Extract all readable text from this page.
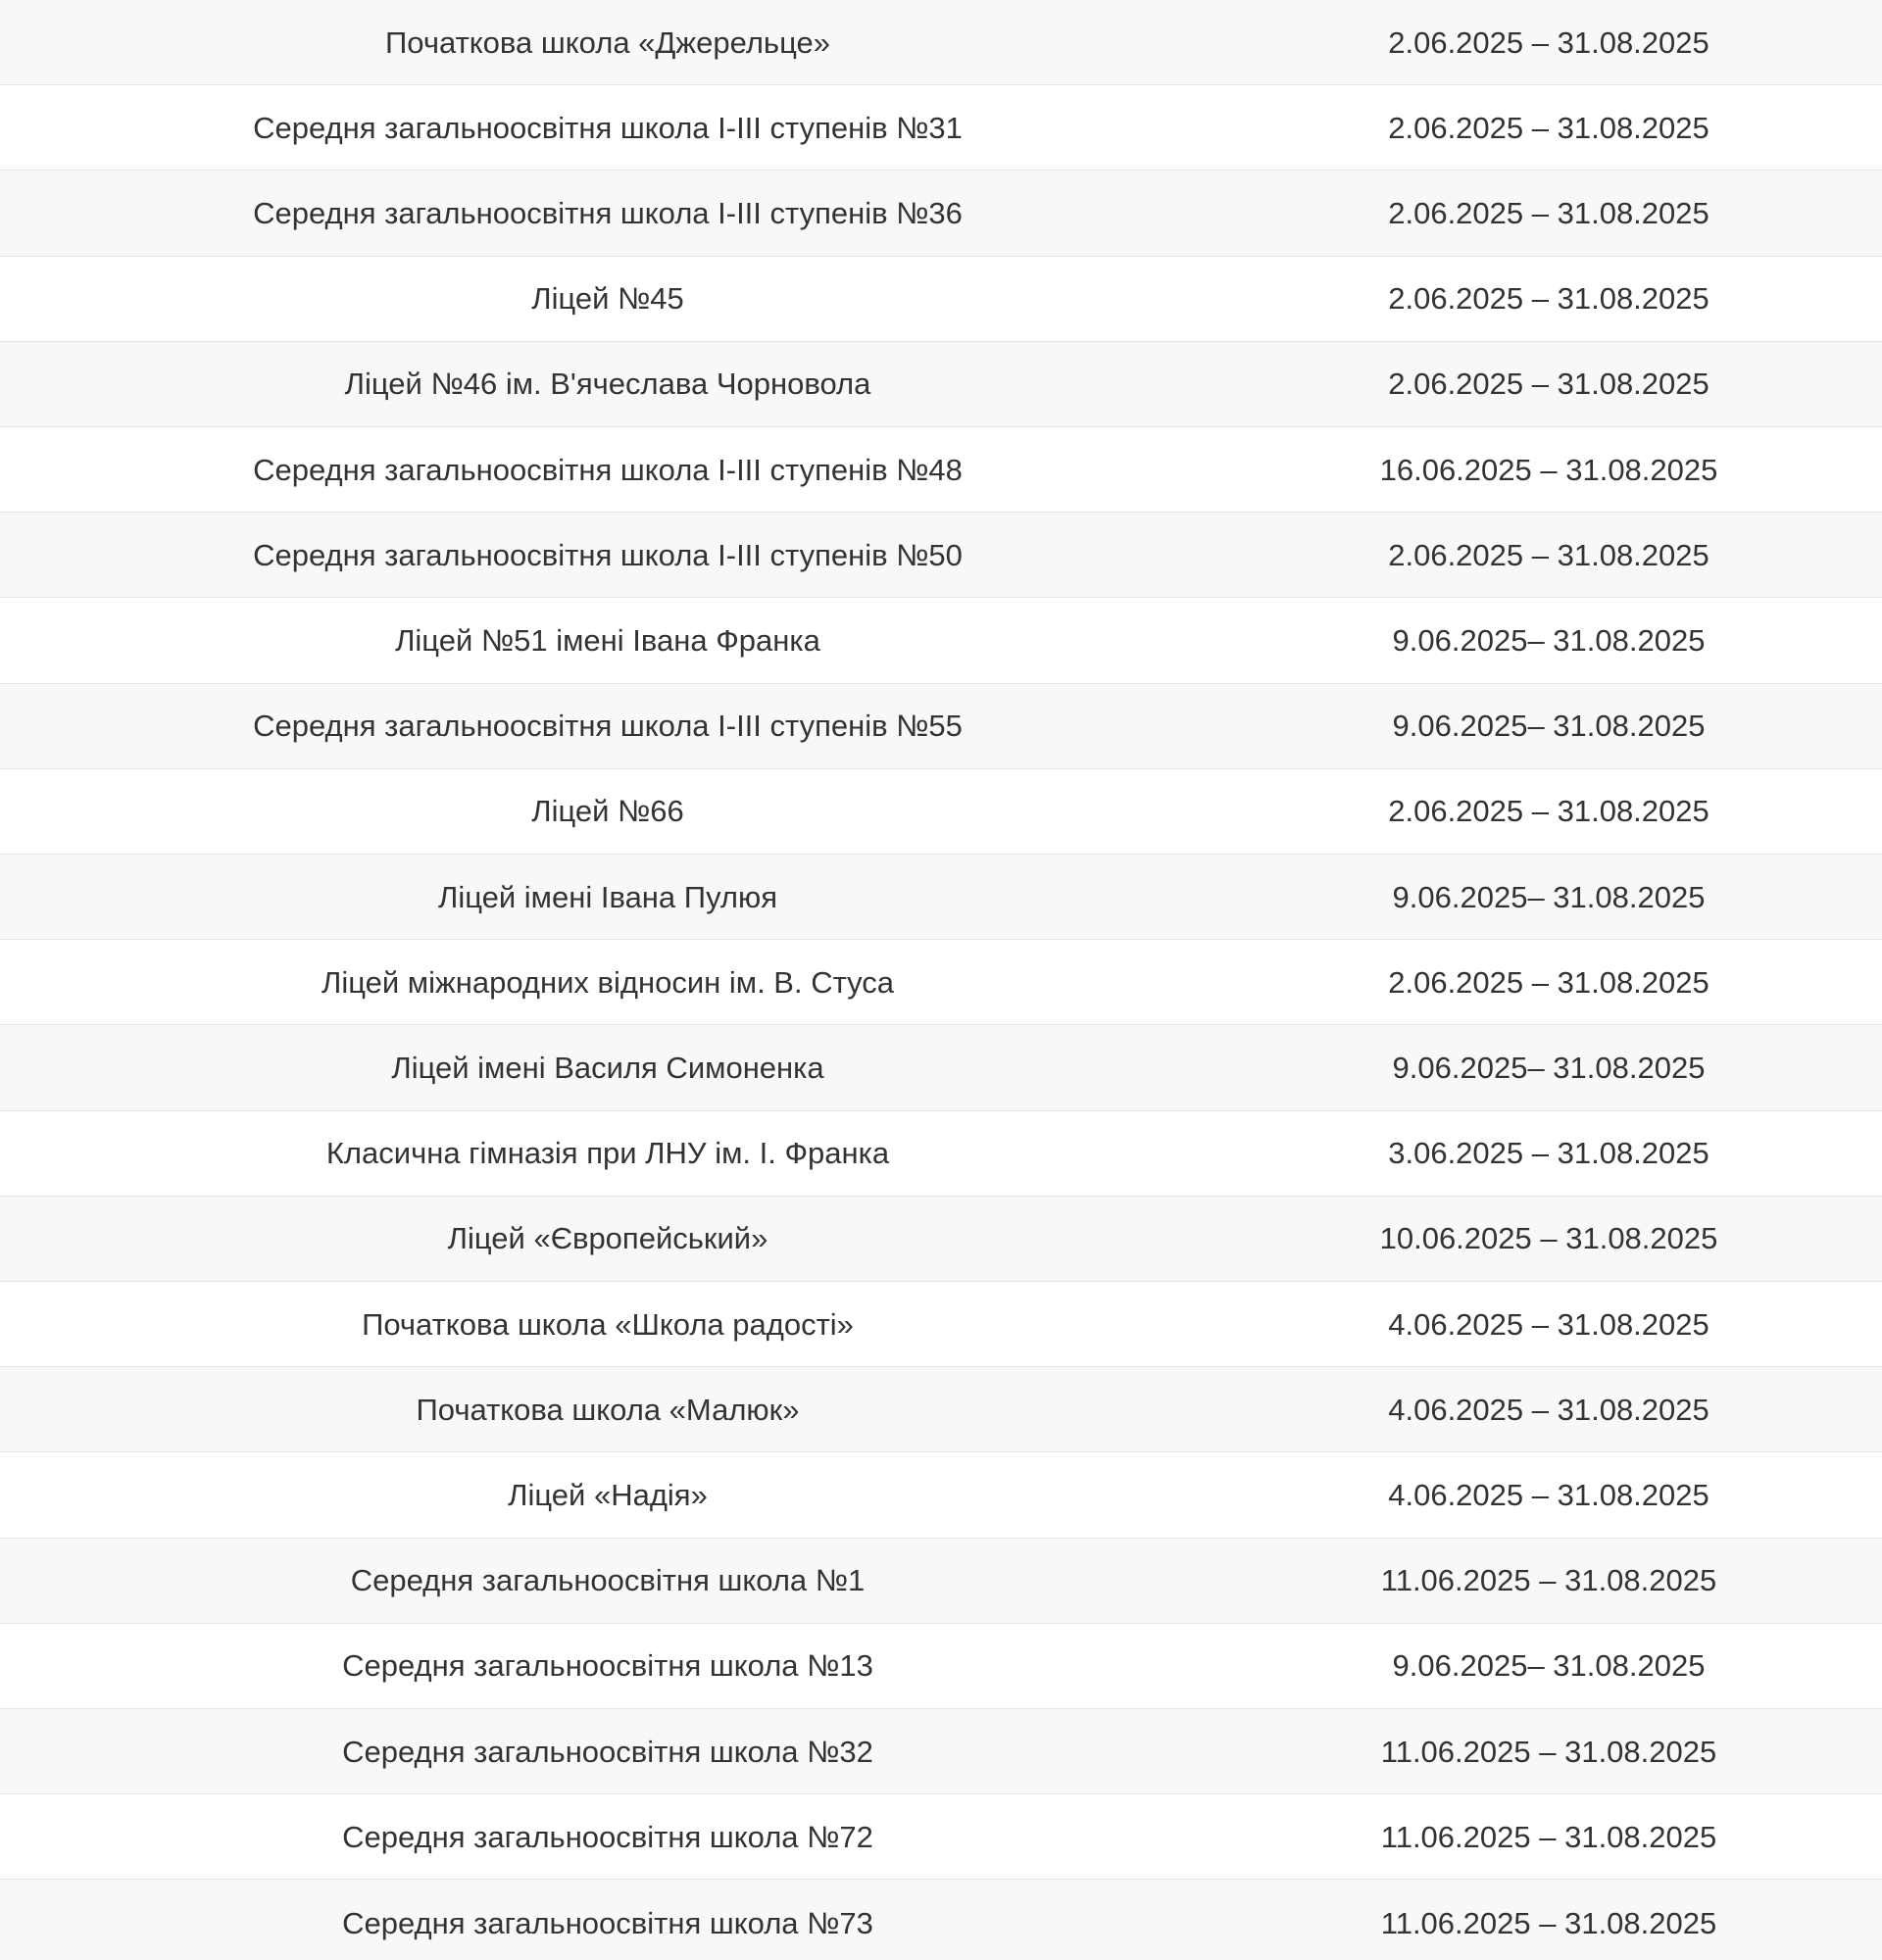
Початкова школа «Джерельце»	2.06.2025 – 31.08.2025
Середня загальноосвітня школа І-ІІІ ступенів №31	2.06.2025 – 31.08.2025
Середня загальноосвітня школа І-ІІІ ступенів №36	2.06.2025 – 31.08.2025
Ліцей №45	2.06.2025 – 31.08.2025
Ліцей №46 ім. В'ячеслава Чорновола	2.06.2025 – 31.08.2025
Середня загальноосвітня школа І-ІІІ ступенів №48	16.06.2025 – 31.08.2025
Середня загальноосвітня школа І-ІІІ ступенів №50	2.06.2025 – 31.08.2025
Ліцей №51 імені Івана Франка	9.06.2025– 31.08.2025
Середня загальноосвітня школа І-ІІІ ступенів №55	9.06.2025– 31.08.2025
Ліцей №66	2.06.2025 – 31.08.2025
Ліцей імені Івана Пулюя	9.06.2025– 31.08.2025
Ліцей міжнародних відносин ім. В. Стуса	2.06.2025 – 31.08.2025
Ліцей імені Василя Симоненка	9.06.2025– 31.08.2025
Класична гімназія при ЛНУ ім. І. Франка	3.06.2025 – 31.08.2025
Ліцей «Європейський»	10.06.2025 – 31.08.2025
Початкова школа «Школа радості»	4.06.2025 – 31.08.2025
Початкова школа «Малюк»	4.06.2025 – 31.08.2025
Ліцей «Надія»	4.06.2025 – 31.08.2025
Середня загальноосвітня школа №1	11.06.2025 – 31.08.2025
Середня загальноосвітня школа №13	9.06.2025– 31.08.2025
Середня загальноосвітня школа №32	11.06.2025 – 31.08.2025
Середня загальноосвітня школа №72	11.06.2025 – 31.08.2025
Середня загальноосвітня школа №73	11.06.2025 – 31.08.2025
